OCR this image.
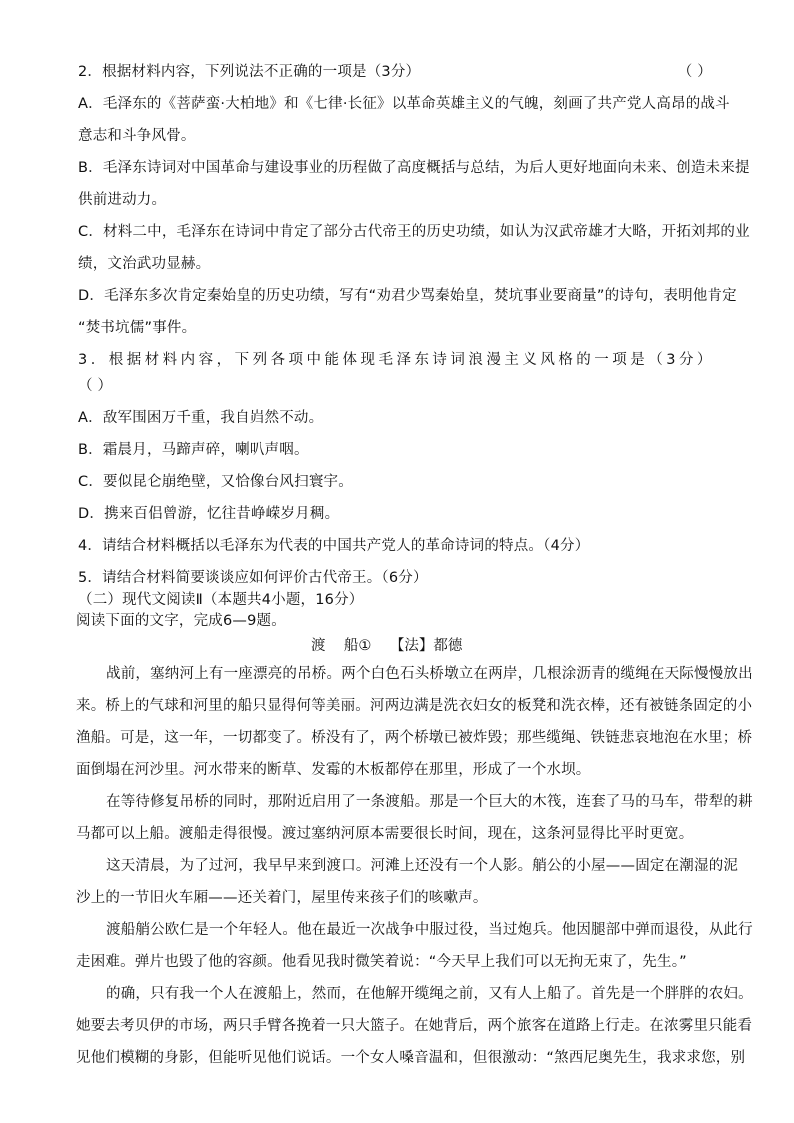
2．根据材料内容，下列说法不正确的一项是（3分）	（ ）
A．毛泽东的《菩萨蛮·大柏地》和《七律·长征》以革命英雄主义的气魄，刻画了共产党人高昂的战斗
意志和斗争风骨。
B．毛泽东诗词对中国革命与建设事业的历程做了高度概括与总结，为后人更好地面向未来、创造未来提
供前进动力。
C．材料二中，毛泽东在诗词中肯定了部分古代帝王的历史功绩，如认为汉武帝雄才大略，开拓刘邦的业
绩，文治武功显赫。
D．毛泽东多次肯定秦始皇的历史功绩，写有“劝君少骂秦始皇，焚坑事业要商量”的诗句，表明他肯定
“焚书坑儒”事件。
3 ． 根 据 材 料 内 容 ， 下 列 各 项 中 能 体 现 毛 泽 东 诗 词 浪 漫 主 义 风 格 的 一 项 是 （ 3 分 ）
（ ）
A．敌军围困万千重，我自岿然不动。
B．霜晨月，马蹄声碎，喇叭声咽。
C．要似昆仑崩绝壁，又恰像台风扫寰宇。
D．携来百侣曾游，忆往昔峥嵘岁月稠。
4．请结合材料概括以毛泽东为代表的中国共产党人的革命诗词的特点。（4分）
5．请结合材料简要谈谈应如何评价古代帝王。（6分）
（二）现代文阅读Ⅱ（本题共4小题，16分）
阅读下面的文字，完成6—9题。
渡    船①    【法】都德
战前，塞纳河上有一座漂亮的吊桥。两个白色石头桥墩立在两岸，几根涂沥青的缆绳在天际慢慢放出
来。桥上的气球和河里的船只显得何等美丽。河两边满是洗衣妇女的板凳和洗衣棒，还有被链条固定的小
渔船。可是，这一年，一切都变了。桥没有了，两个桥墩已被炸毁；那些缆绳、铁链悲哀地泡在水里；桥
面倒塌在河沙里。河水带来的断草、发霉的木板都停在那里，形成了一个水坝。
在等待修复吊桥的同时，那附近启用了一条渡船。那是一个巨大的木筏，连套了马的马车，带犁的耕
马都可以上船。渡船走得很慢。渡过塞纳河原本需要很长时间，现在，这条河显得比平时更宽。
这天清晨，为了过河，我早早来到渡口。河滩上还没有一个人影。艄公的小屋——固定在潮湿的泥
沙上的一节旧火车厢——还关着门，屋里传来孩子们的咳嗽声。
渡船艄公欧仁是一个年轻人。他在最近一次战争中服过役，当过炮兵。他因腿部中弹而退役，从此行
走困难。弹片也毁了他的容颜。他看见我时微笑着说：“今天早上我们可以无拘无束了，先生。”
的确，只有我一个人在渡船上，然而，在他解开缆绳之前，又有人上船了。首先是一个胖胖的农妇。
她要去考贝伊的市场，两只手臂各挽着一只大篮子。在她背后，两个旅客在道路上行走。在浓雾里只能看
见他们模糊的身影，但能听见他们说话。一个女人嗓音温和，但很激动：“煞西尼奥先生，我求求您，别
